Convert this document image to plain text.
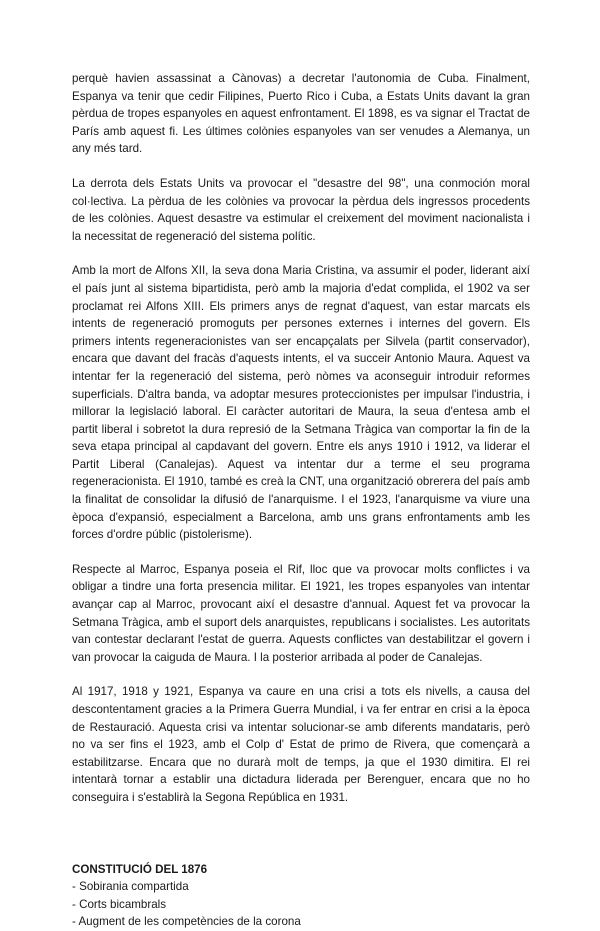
perquè havien assassinat a Cànovas) a decretar l'autonomia de Cuba. Finalment, Espanya va tenir que cedir Filipines, Puerto Rico i Cuba, a Estats Units davant la gran pèrdua de tropes espanyoles en aquest enfrontament. El 1898, es va signar el Tractat de París amb aquest fi. Les últimes colònies espanyoles van ser venudes a Alemanya, un any més tard.

La derrota dels Estats Units va provocar el "desastre del 98", una conmoción moral col·lectiva. La pèrdua de les colònies va provocar la pèrdua dels ingressos procedents de les colònies. Aquest desastre va estimular el creixement del moviment nacionalista i la necessitat de regeneració del sistema polític.

Amb la mort de Alfons XII, la seva dona Maria Cristina, va assumir el poder, liderant així el país junt al sistema bipartidista, però amb la majoria d'edat complida, el 1902 va ser proclamat rei Alfons XIII. Els primers anys de regnat d'aquest, van estar marcats els intents de regeneració promoguts per persones externes i internes del govern. Els primers intents regeneracionistes van ser encapçalats per Silvela (partit conservador), encara que davant del fracàs d'aquests intents, el va succeir Antonio Maura. Aquest va intentar fer la regeneració del sistema, però nòmes va aconseguir introduir reformes superficials. D'altra banda, va adoptar mesures proteccionistes per impulsar l'industria, i millorar la legislació laboral. El caràcter autoritari de Maura, la seua d'entesa amb el partit liberal i sobretot la dura represió de la Setmana Tràgica van comportar la fin de la seva etapa principal al capdavant del govern. Entre els anys 1910 i 1912, va liderar el Partit Liberal (Canalejas). Aquest va intentar dur a terme el seu programa regeneracionista. El 1910, també es creà la CNT, una organització obrerera del país amb la finalitat de consolidar la difusió de l'anarquisme. I el 1923, l'anarquisme va viure una època d'expansió, especialment a Barcelona, amb uns grans enfrontaments amb les forces d'ordre públic (pistolerisme).

Respecte al Marroc, Espanya poseia el Rif, lloc que va provocar molts conflictes i va obligar a tindre una forta presencia militar. El 1921, les tropes espanyoles van intentar avançar cap al Marroc, provocant així el desastre d'annual. Aquest fet va provocar la Setmana Tràgica, amb el suport dels anarquistes, republicans i socialistes. Les autoritats van contestar declarant l'estat de guerra. Aquests conflictes van destabilitzar el govern i van provocar la caiguda de Maura. I la posterior arribada al poder de Canalejas.

Al 1917, 1918 y 1921, Espanya va caure en una crisi a tots els nivells, a causa del descontentament gracies a la Primera Guerra Mundial, i va fer entrar en crisi a la època de Restauració. Aquesta crisi va intentar solucionar-se amb diferents mandataris, però no va ser fins el 1923, amb el Colp d' Estat de primo de Rivera, que començarà a estabilitzarse. Encara que no durarà molt de temps, ja que el 1930 dimitira. El rei intentarà tornar a establir una dictadura liderada per Berenguer, encara que no ho conseguira i s'establirà la Segona República en 1931.

CONSTITUCIÓ DEL 1876

- Sobirania compartida
- Corts bicambrals
- Augment de les competències de la corona
